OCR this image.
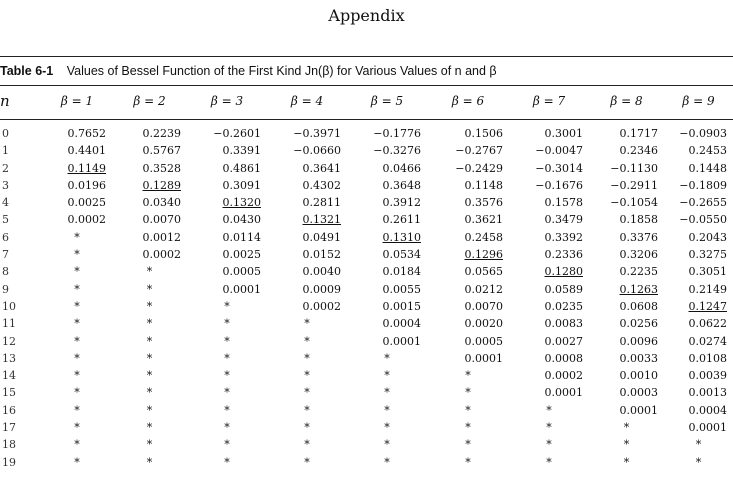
Appendix
Table 6-1 Values of Bessel Function of the First Kind Jn(β) for Various Values of n and β
n	β = 1	β = 2	β = 3	β = 4	β = 5	β = 6	β = 7	β = 8	β = 9
0	0.7652	0.2239	−0.2601	−0.3971	−0.1776	0.1506	0.3001	0.1717	−0.0903
1	0.4401	0.5767	0.3391	−0.0660	−0.3276	−0.2767	−0.0047	0.2346	0.2453
2	0.1149	0.3528	0.4861	0.3641	0.0466	−0.2429	−0.3014	−0.1130	0.1448
3	0.0196	0.1289	0.3091	0.4302	0.3648	0.1148	−0.1676	−0.2911	−0.1809
4	0.0025	0.0340	0.1320	0.2811	0.3912	0.3576	0.1578	−0.1054	−0.2655
5	0.0002	0.0070	0.0430	0.1321	0.2611	0.3621	0.3479	0.1858	−0.0550
6	*	0.0012	0.0114	0.0491	0.1310	0.2458	0.3392	0.3376	0.2043
7	*	0.0002	0.0025	0.0152	0.0534	0.1296	0.2336	0.3206	0.3275
8	*	*	0.0005	0.0040	0.0184	0.0565	0.1280	0.2235	0.3051
9	*	*	0.0001	0.0009	0.0055	0.0212	0.0589	0.1263	0.2149
10	*	*	*	0.0002	0.0015	0.0070	0.0235	0.0608	0.1247
11	*	*	*	*	0.0004	0.0020	0.0083	0.0256	0.0622
12	*	*	*	*	0.0001	0.0005	0.0027	0.0096	0.0274
13	*	*	*	*	*	0.0001	0.0008	0.0033	0.0108
14	*	*	*	*	*	*	0.0002	0.0010	0.0039
15	*	*	*	*	*	*	0.0001	0.0003	0.0013
16	*	*	*	*	*	*	*	0.0001	0.0004
17	*	*	*	*	*	*	*	*	0.0001
18	*	*	*	*	*	*	*	*	*
19	*	*	*	*	*	*	*	*	*
